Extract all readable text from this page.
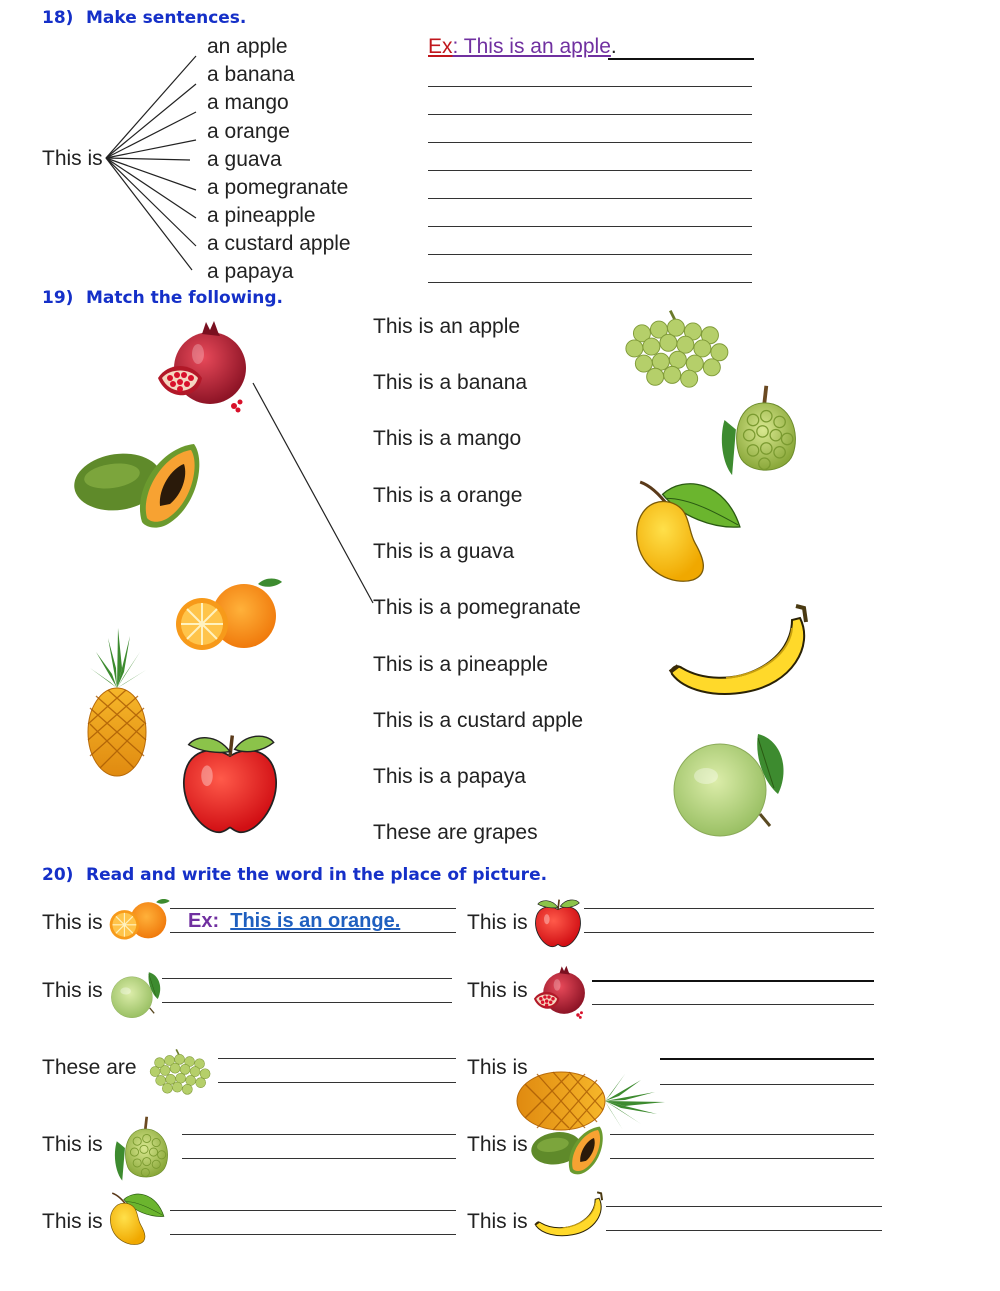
18) Make sentences.
This is
an apple
a banana
a mango
a orange
a guava
a pomegranate
a pineapple
a custard apple
a papaya
Ex: This is an apple.
19) Match the following.
This is an apple
This is a banana
This is a mango
This is a orange
This is a guava
This is a pomegranate
This is a pineapple
This is a custard apple
This is a papaya
These are grapes
20) Read and write the word in the place of picture.
This is	Ex: This is an orange.
This is
These are
This is
This is
This is
This is
This is
This is
This is
